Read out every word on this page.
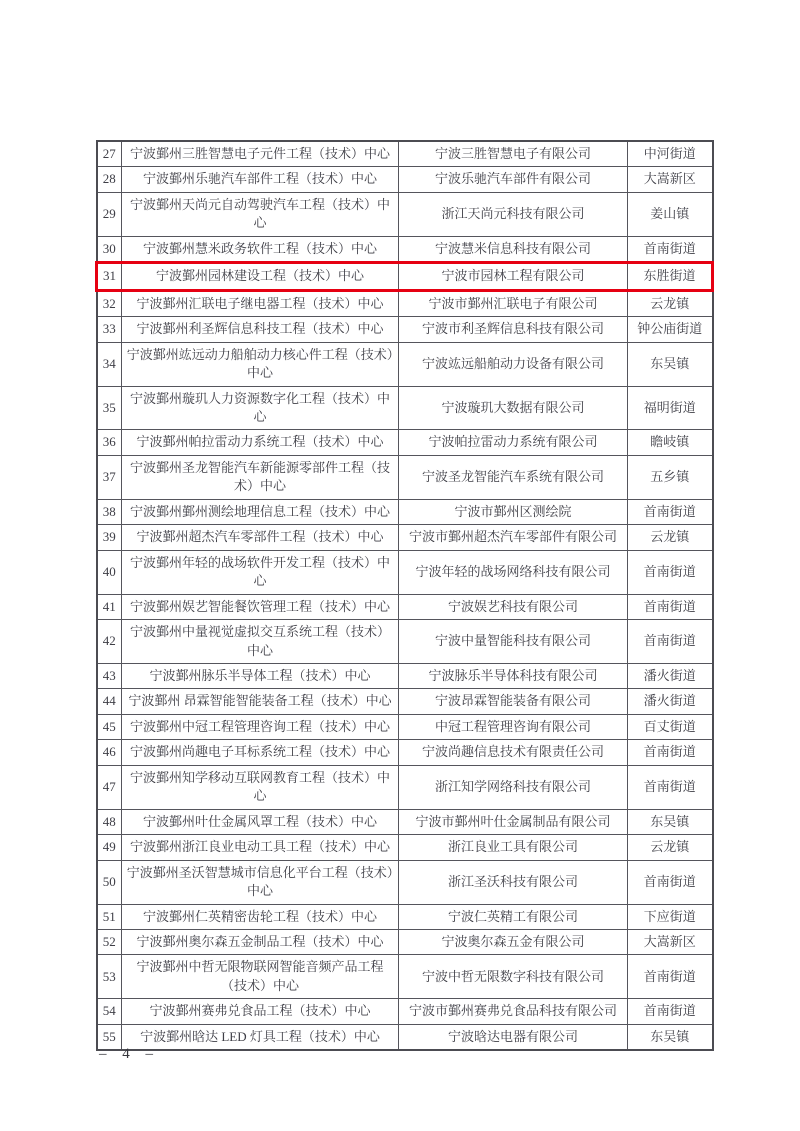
27	宁波鄞州三胜智慧电子元件工程（技术）中心	宁波三胜智慧电子有限公司	中河街道
28	宁波鄞州乐驰汽车部件工程（技术）中心	宁波乐驰汽车部件有限公司	大嵩新区
29	宁波鄞州天尚元自动驾驶汽车工程（技术）中心	浙江天尚元科技有限公司	姜山镇
30	宁波鄞州慧米政务软件工程（技术）中心	宁波慧米信息科技有限公司	首南街道
31	宁波鄞州园林建设工程（技术）中心	宁波市园林工程有限公司	东胜街道
32	宁波鄞州汇联电子继电器工程（技术）中心	宁波市鄞州汇联电子有限公司	云龙镇
33	宁波鄞州利圣辉信息科技工程（技术）中心	宁波市利圣辉信息科技有限公司	钟公庙街道
34	宁波鄞州竑远动力船舶动力核心件工程（技术）中心	宁波竑远船舶动力设备有限公司	东吴镇
35	宁波鄞州璇玑人力资源数字化工程（技术）中心	宁波璇玑大数据有限公司	福明街道
36	宁波鄞州帕拉雷动力系统工程（技术）中心	宁波帕拉雷动力系统有限公司	瞻岐镇
37	宁波鄞州圣龙智能汽车新能源零部件工程（技术）中心	宁波圣龙智能汽车系统有限公司	五乡镇
38	宁波鄞州鄞州测绘地理信息工程（技术）中心	宁波市鄞州区测绘院	首南街道
39	宁波鄞州超杰汽车零部件工程（技术）中心	宁波市鄞州超杰汽车零部件有限公司	云龙镇
40	宁波鄞州年轻的战场软件开发工程（技术）中心	宁波年轻的战场网络科技有限公司	首南街道
41	宁波鄞州娱艺智能餐饮管理工程（技术）中心	宁波娱艺科技有限公司	首南街道
42	宁波鄞州中量视觉虚拟交互系统工程（技术）中心	宁波中量智能科技有限公司	首南街道
43	宁波鄞州脉乐半导体工程（技术）中心	宁波脉乐半导体科技有限公司	潘火街道
44	宁波鄞州 昂霖智能智能装备工程（技术）中心	宁波昂霖智能装备有限公司	潘火街道
45	宁波鄞州中冠工程管理咨询工程（技术）中心	中冠工程管理咨询有限公司	百丈街道
46	宁波鄞州尚趣电子耳标系统工程（技术）中心	宁波尚趣信息技术有限责任公司	首南街道
47	宁波鄞州知学移动互联网教育工程（技术）中心	浙江知学网络科技有限公司	首南街道
48	宁波鄞州叶仕金属风罩工程（技术）中心	宁波市鄞州叶仕金属制品有限公司	东吴镇
49	宁波鄞州浙江良业电动工具工程（技术）中心	浙江良业工具有限公司	云龙镇
50	宁波鄞州圣沃智慧城市信息化平台工程（技术）中心	浙江圣沃科技有限公司	首南街道
51	宁波鄞州仁英精密齿轮工程（技术）中心	宁波仁英精工有限公司	下应街道
52	宁波鄞州奥尔森五金制品工程（技术）中心	宁波奥尔森五金有限公司	大嵩新区
53	宁波鄞州中哲无限物联网智能音频产品工程（技术）中心	宁波中哲无限数字科技有限公司	首南街道
54	宁波鄞州赛弗兑食品工程（技术）中心	宁波市鄞州赛弗兑食品科技有限公司	首南街道
55	宁波鄞州晗达 LED 灯具工程（技术）中心	宁波晗达电器有限公司	东吴镇
– 4 –
